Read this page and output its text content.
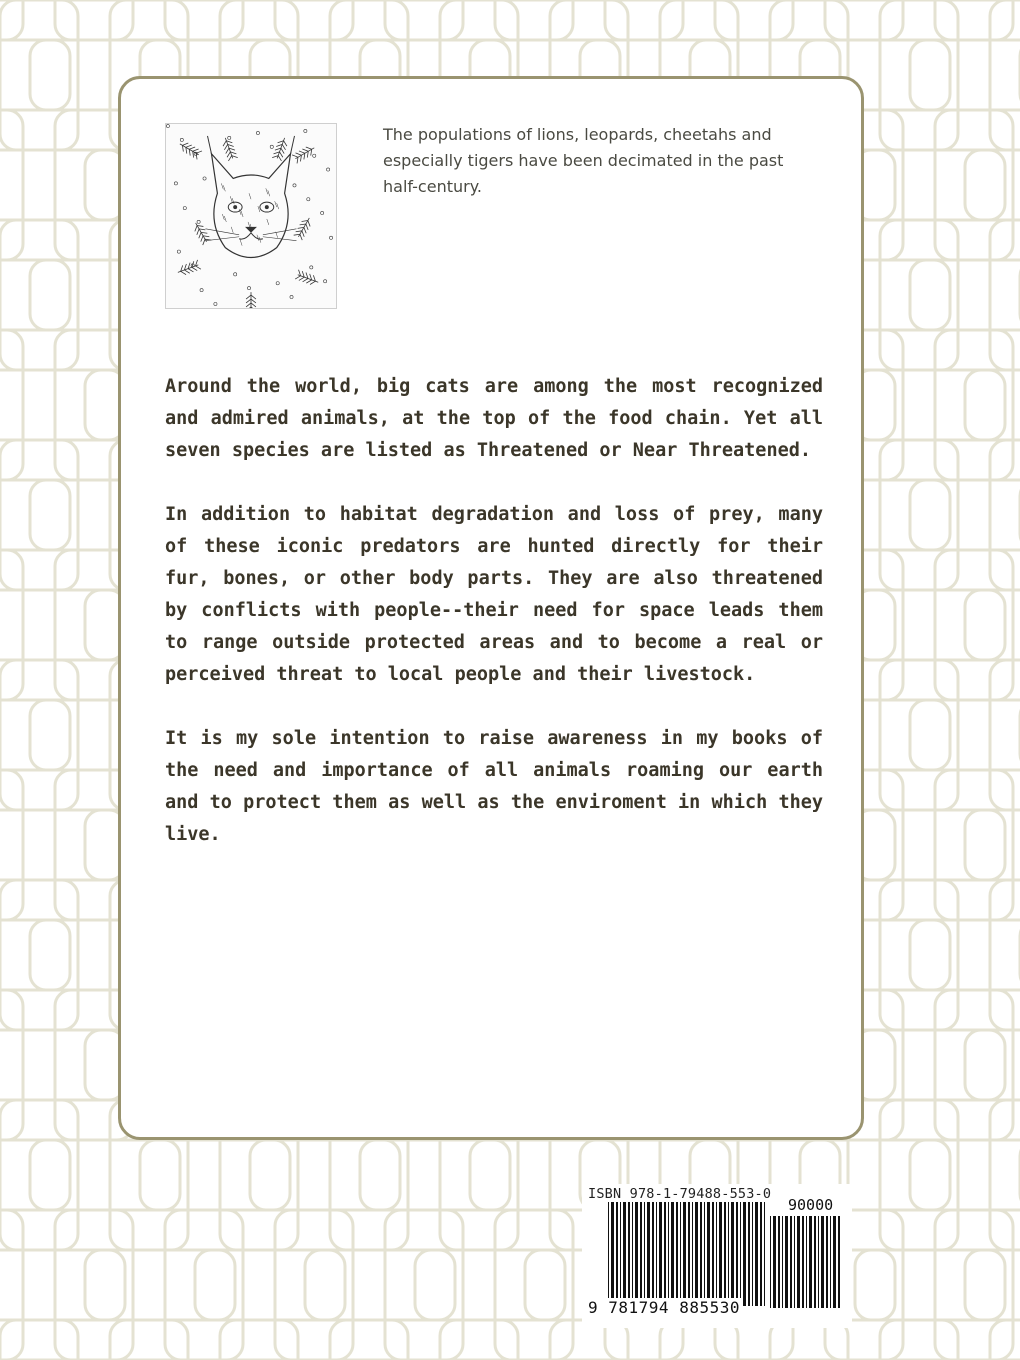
The populations of lions, leopards, cheetahs and especially tigers have been decimated in the past half-century.

Around the world, big cats are among the most recognized and admired animals, at the top of the food chain. Yet all seven species are listed as Threatened or Near Threatened.

In addition to habitat degradation and loss of prey, many of these iconic predators are hunted directly for their fur, bones, or other body parts. They are also threatened by conflicts with people--their need for space leads them to range outside protected areas and to become a real or perceived threat to local people and their livestock.

It is my sole intention to raise awareness in my books of the need and importance of all animals roaming our earth and to protect them as well as the enviroment in which they live.

ISBN 978-1-79488-553-0
90000
9 781794 885530
